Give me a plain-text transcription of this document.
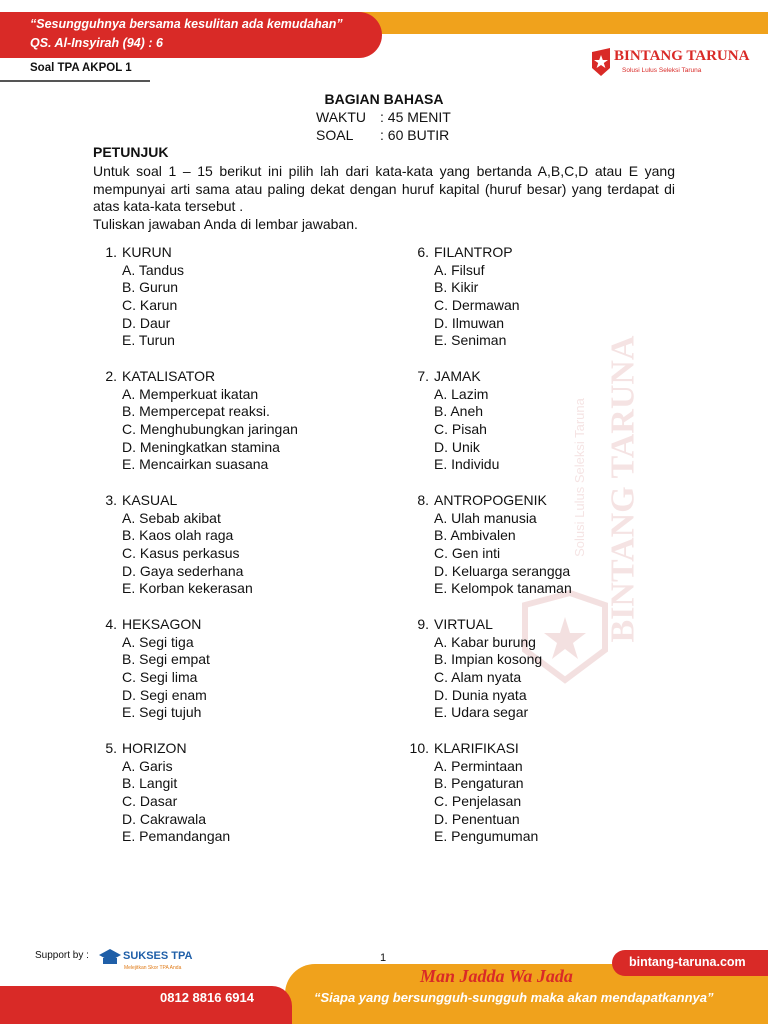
“Sesungguhnya bersama kesulitan ada kemudahan”
QS. Al-Insyirah (94) : 6
Soal TPA AKPOL 1
BINTANG TARUNA
Solusi Lulus Seleksi Taruna
BINTANG TARUNA
Solusi Lulus Seleksi Taruna
BAGIAN BAHASA
WAKTU : 45 MENIT
SOAL : 60 BUTIR
PETUNJUK
Untuk soal 1 – 15 berikut ini pilih lah dari kata-kata yang bertanda A,B,C,D atau E yang mempunyai arti sama atau paling dekat dengan huruf kapital (huruf besar) yang terdapat di atas kata-kata tersebut .
Tuliskan jawaban Anda di lembar jawaban.
1. KURUN
A. Tandus
B. Gurun
C. Karun
D. Daur
E. Turun
2. KATALISATOR
A. Memperkuat ikatan
B. Mempercepat reaksi.
C. Menghubungkan jaringan
D. Meningkatkan stamina
E. Mencairkan suasana
3. KASUAL
A. Sebab akibat
B. Kaos olah raga
C. Kasus perkasus
D. Gaya sederhana
E. Korban kekerasan
4. HEKSAGON
A. Segi tiga
B. Segi empat
C. Segi lima
D. Segi enam
E. Segi tujuh
5. HORIZON
A. Garis
B. Langit
C. Dasar
D. Cakrawala
E. Pemandangan
6. FILANTROP
A. Filsuf
B. Kikir
C. Dermawan
D. Ilmuwan
E. Seniman
7. JAMAK
A. Lazim
B. Aneh
C. Pisah
D. Unik
E. Individu
8. ANTROPOGENIK
A. Ulah manusia
B. Ambivalen
C. Gen inti
D. Keluarga serangga
E. Kelompok tanaman
9. VIRTUAL
A. Kabar burung
B. Impian kosong
C. Alam nyata
D. Dunia nyata
E. Udara segar
10. KLARIFIKASI
A. Permintaan
B. Pengaturan
C. Penjelasan
D. Penentuan
E. Pengumuman
Support by :	SUKSES TPA
Melejitkan Skor TPA Anda
1	bintang-taruna.com
Man Jadda Wa Jada
0812 8816 6914	“Siapa yang bersungguh-sungguh maka akan mendapatkannya”
